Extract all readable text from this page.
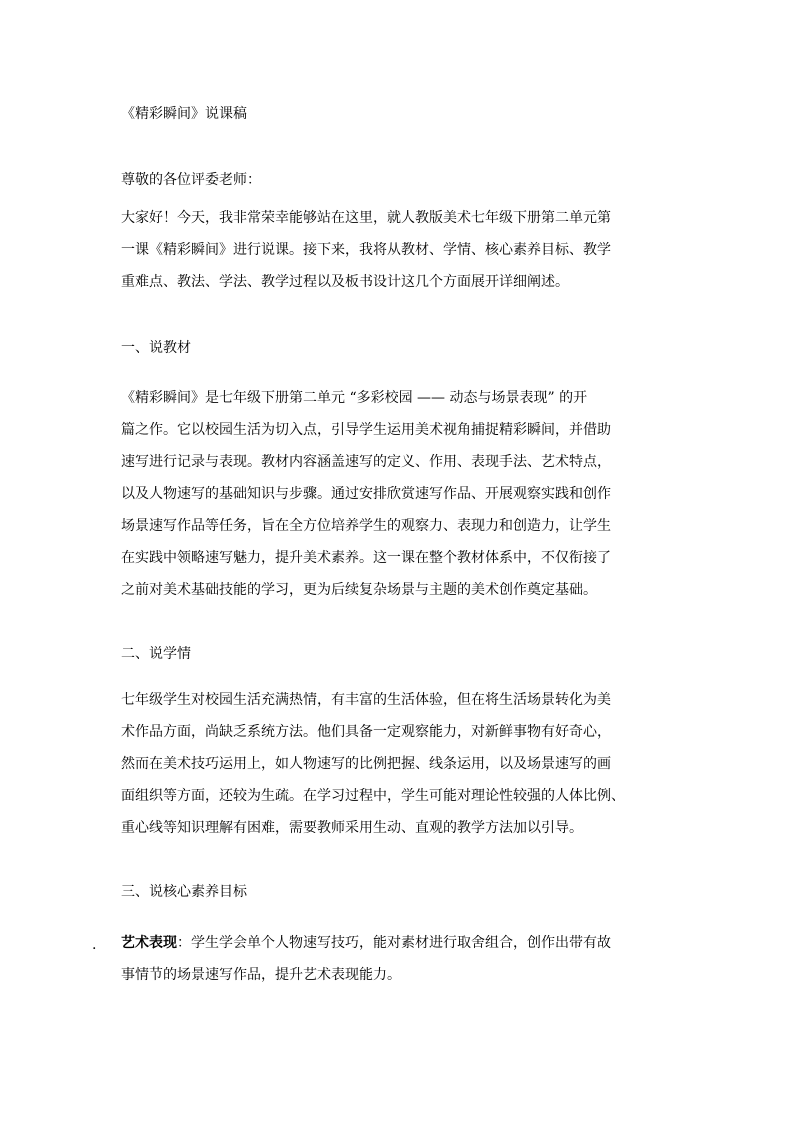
《精彩瞬间》说课稿
尊敬的各位评委老师：
大家好！今天，我非常荣幸能够站在这里，就人教版美术七年级下册第二单元第
一课《精彩瞬间》进行说课。接下来，我将从教材、学情、核心素养目标、教学
重难点、教法、学法、教学过程以及板书设计这几个方面展开详细阐述。
一、说教材
《精彩瞬间》是七年级下册第二单元 “多彩校园 —— 动态与场景表现” 的开
篇之作。它以校园生活为切入点，引导学生运用美术视角捕捉精彩瞬间，并借助
速写进行记录与表现。教材内容涵盖速写的定义、作用、表现手法、艺术特点，
以及人物速写的基础知识与步骤。通过安排欣赏速写作品、开展观察实践和创作
场景速写作品等任务，旨在全方位培养学生的观察力、表现力和创造力，让学生
在实践中领略速写魅力，提升美术素养。这一课在整个教材体系中，不仅衔接了
之前对美术基础技能的学习，更为后续复杂场景与主题的美术创作奠定基础。
二、说学情
七年级学生对校园生活充满热情，有丰富的生活体验，但在将生活场景转化为美
术作品方面，尚缺乏系统方法。他们具备一定观察能力，对新鲜事物有好奇心，
然而在美术技巧运用上，如人物速写的比例把握、线条运用，以及场景速写的画
面组织等方面，还较为生疏。在学习过程中，学生可能对理论性较强的人体比例、
重心线等知识理解有困难，需要教师采用生动、直观的教学方法加以引导。
三、说核心素养目标
. 艺术表现：学生学会单个人物速写技巧，能对素材进行取舍组合，创作出带有故
事情节的场景速写作品，提升艺术表现能力。
